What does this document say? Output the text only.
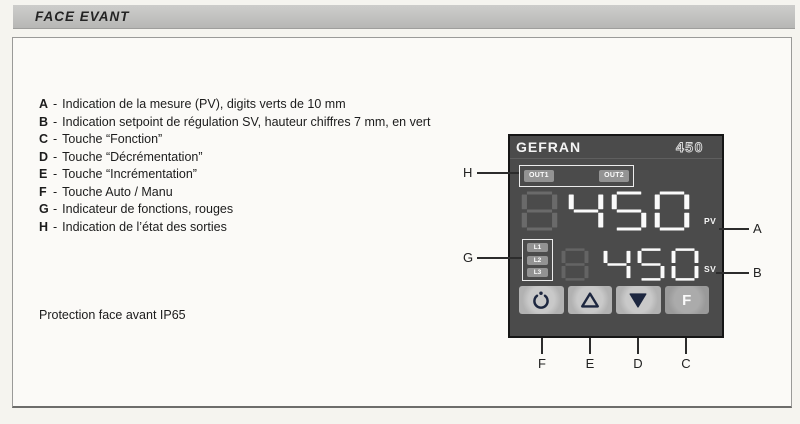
FACE EVANT
A - Indication de la mesure (PV), digits verts de 10 mm
B - Indication setpoint de régulation SV, hauteur chiffres 7 mm, en vert
C - Touche “Fonction”
D - Touche “Décrémentation”
E - Touche “Incrémentation”
F - Touche Auto / Manu
G - Indicateur de fonctions, rouges
H - Indication de l’état des sorties
Protection face avant IP65
GEFRAN	450
OUT1	OUT2
PV
L1
L2
L3	SV
F
H
G
A
B
F	E	D	C
